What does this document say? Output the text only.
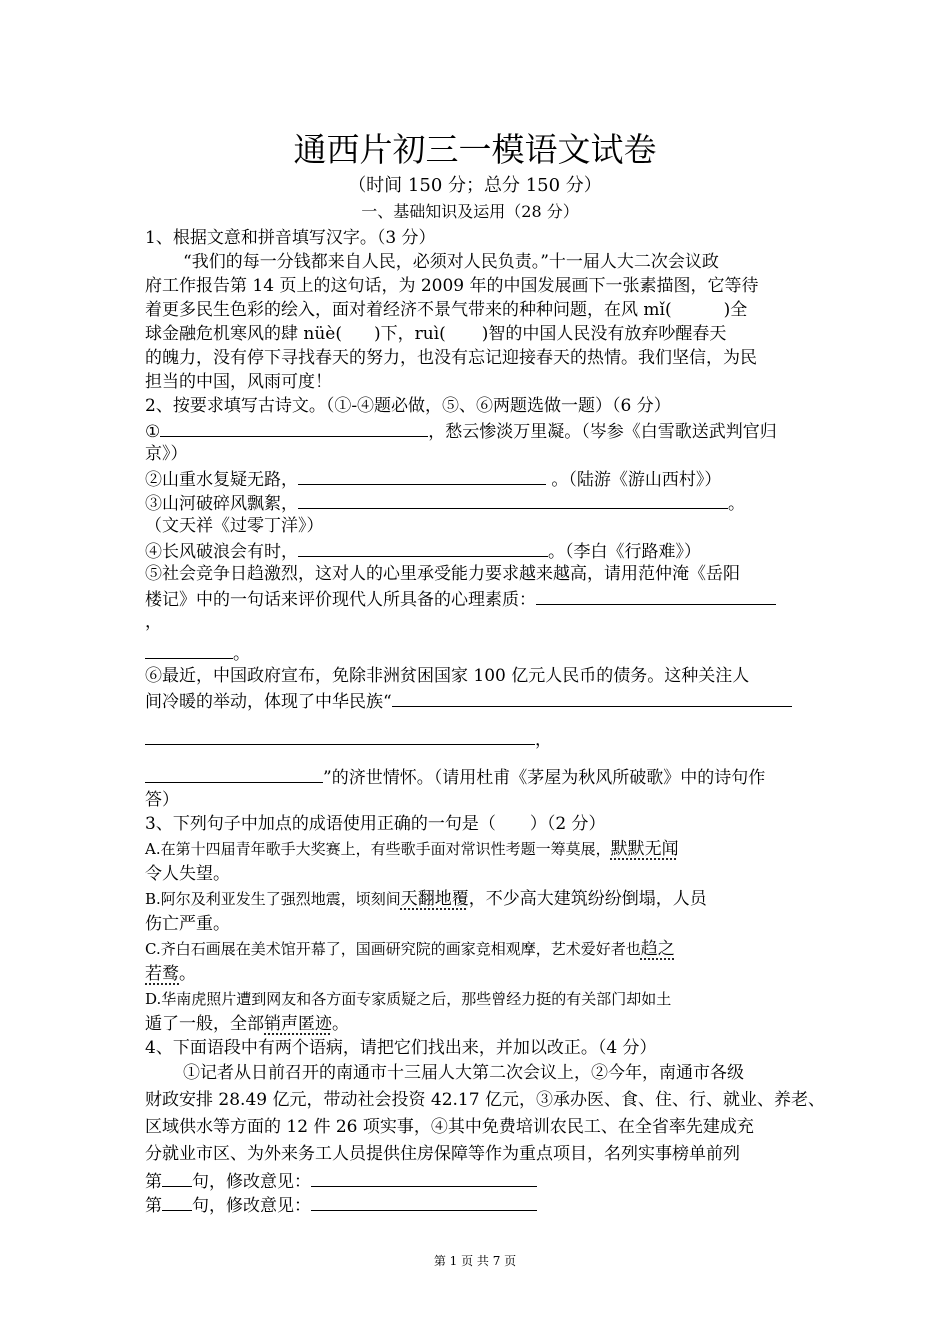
通西片初三一模语文试卷
（时间 150 分；总分 150 分）
一、基础知识及运用（28 分）
1、根据文意和拼音填写汉字。（3 分）
“我们的每一分钱都来自人民，必须对人民负责。”十一届人大二次会议政
府工作报告第 14 页上的这句话，为 2009 年的中国发展画下一张素描图，它等待
着更多民生色彩的绘入，面对着经济不景气带来的种种问题，在风 mǐ(	)全
球金融危机寒风的肆 nüè( )下，ruì( )智的中国人民没有放弃吵醒春天
的魄力，没有停下寻找春天的努力，也没有忘记迎接春天的热情。我们坚信，为民
担当的中国，风雨可度！
2、按要求填写古诗文。（①-④题必做，⑤、⑥两题选做一题）（6 分）
①	，愁云惨淡万里凝。（岑参《白雪歌送武判官归
京》）
②山重水复疑无路，	。（陆游《游山西村》）
③山河破碎风飘絮，	。
（文天祥《过零丁洋》）
④长风破浪会有时，	。（李白《行路难》）
⑤社会竞争日趋激烈，这对人的心里承受能力要求越来越高，请用范仲淹《岳阳
楼记》中的一句话来评价现代人所具备的心理素质：
，
。
⑥最近，中国政府宣布，免除非洲贫困国家 100 亿元人民币的债务。这种关注人
间冷暖的举动，体现了中华民族“
，
”的济世情怀。（请用杜甫《茅屋为秋风所破歌》中的诗句作
答）
3、下列句子中加点的成语使用正确的一句是（　　）（2 分）
A.在第十四届青年歌手大奖赛上，有些歌手面对常识性考题一筹莫展，默默无闻
令人失望。
B.阿尔及利亚发生了强烈地震，顷刻间天翻地覆，不少高大建筑纷纷倒塌，人员
伤亡严重。
C.齐白石画展在美术馆开幕了，国画研究院的画家竞相观摩，艺术爱好者也趋之
若鹜。
D.华南虎照片遭到网友和各方面专家质疑之后，那些曾经力挺的有关部门却如土
遁了一般，全部销声匿迹。
4、下面语段中有两个语病，请把它们找出来，并加以改正。（4 分）
①记者从日前召开的南通市十三届人大第二次会议上，②今年，南通市各级
财政安排 28.49 亿元，带动社会投资 42.17 亿元，③承办医、食、住、行、就业、养老、
区域供水等方面的 12 件 26 项实事，④其中免费培训农民工、在全省率先建成充
分就业市区、为外来务工人员提供住房保障等作为重点项目，名列实事榜单前列
第 句，修改意见：
第 句，修改意见：
第 1 页 共 7 页
